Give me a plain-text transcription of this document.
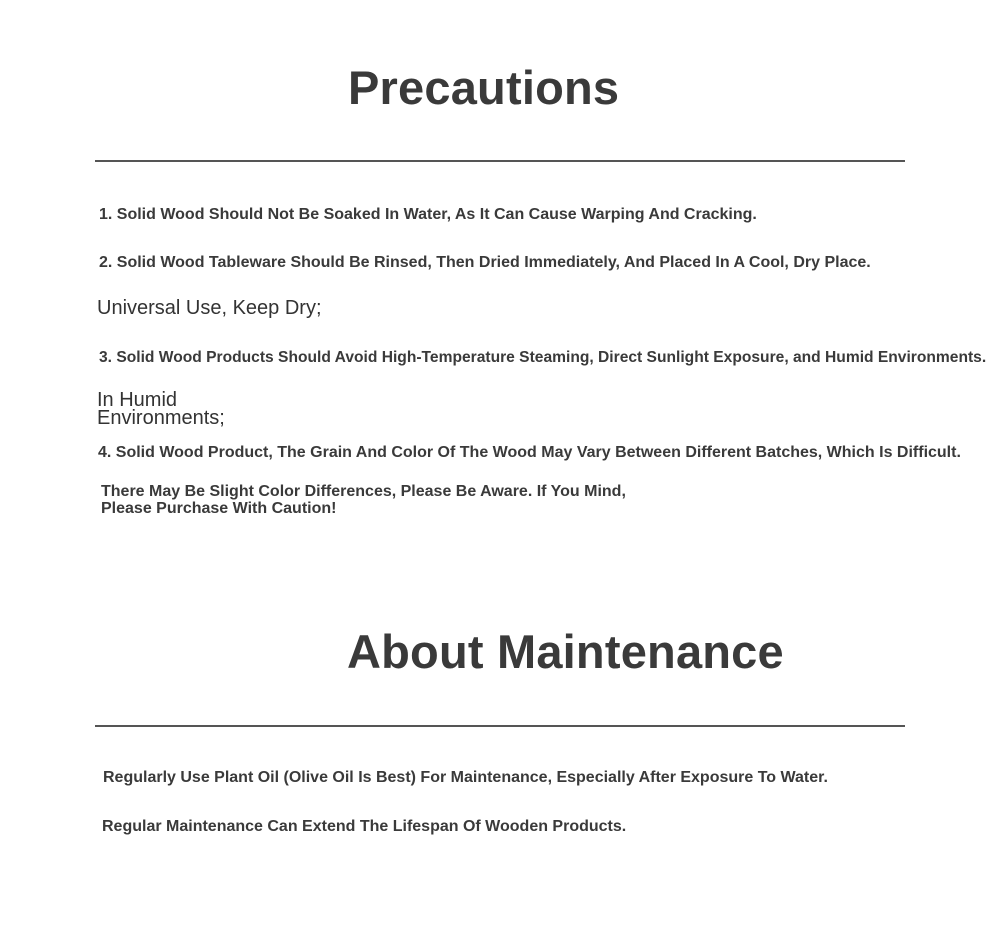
Precautions

1. Solid Wood Should Not Be Soaked In Water, As It Can Cause Warping And Cracking.

2. Solid Wood Tableware Should Be Rinsed, Then Dried Immediately, And Placed In A Cool, Dry Place.

Universal Use, Keep Dry;

3. Solid Wood Products Should Avoid High-Temperature Steaming, Direct Sunlight Exposure, and Humid Environments.

In Humid
Environments;

4. Solid Wood Product, The Grain And Color Of The Wood May Vary Between Different Batches, Which Is Difficult.

There May Be Slight Color Differences, Please Be Aware. If You Mind,
Please Purchase With Caution!
About Maintenance

Regularly Use Plant Oil (Olive Oil Is Best) For Maintenance, Especially After Exposure To Water.

Regular Maintenance Can Extend The Lifespan Of Wooden Products.
